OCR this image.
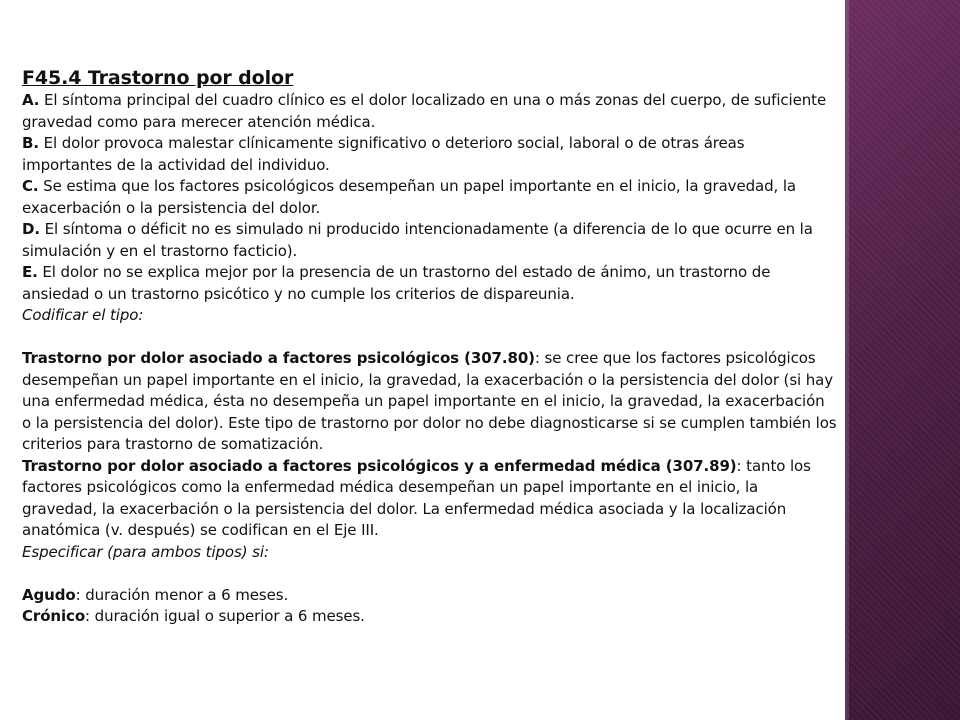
F45.4 Trastorno por dolor

A. El síntoma principal del cuadro clínico es el dolor localizado en una o más zonas del cuerpo, de suficiente gravedad como para merecer atención médica.

B. El dolor provoca malestar clínicamente significativo o deterioro social, laboral o de otras áreas importantes de la actividad del individuo.

C. Se estima que los factores psicológicos desempeñan un papel importante en el inicio, la gravedad, la exacerbación o la persistencia del dolor.

D. El síntoma o déficit no es simulado ni producido intencionadamente (a diferencia de lo que ocurre en la simulación y en el trastorno facticio).

E. El dolor no se explica mejor por la presencia de un trastorno del estado de ánimo, un trastorno de ansiedad o un trastorno psicótico y no cumple los criterios de dispareunia.

Codificar el tipo:

Trastorno por dolor asociado a factores psicológicos (307.80): se cree que los factores psicológicos desempeñan un papel importante en el inicio, la gravedad, la exacerbación o la persistencia del dolor (si hay una enfermedad médica, ésta no desempeña un papel importante en el inicio, la gravedad, la exacerbación o la persistencia del dolor). Este tipo de trastorno por dolor no debe diagnosticarse si se cumplen también los criterios para trastorno de somatización.

Trastorno por dolor asociado a factores psicológicos y a enfermedad médica (307.89): tanto los factores psicológicos como la enfermedad médica desempeñan un papel importante en el inicio, la gravedad, la exacerbación o la persistencia del dolor. La enfermedad médica asociada y la localización anatómica (v. después) se codifican en el Eje III.

Especificar (para ambos tipos) si:

Agudo: duración menor a 6 meses.

Crónico: duración igual o superior a 6 meses.
